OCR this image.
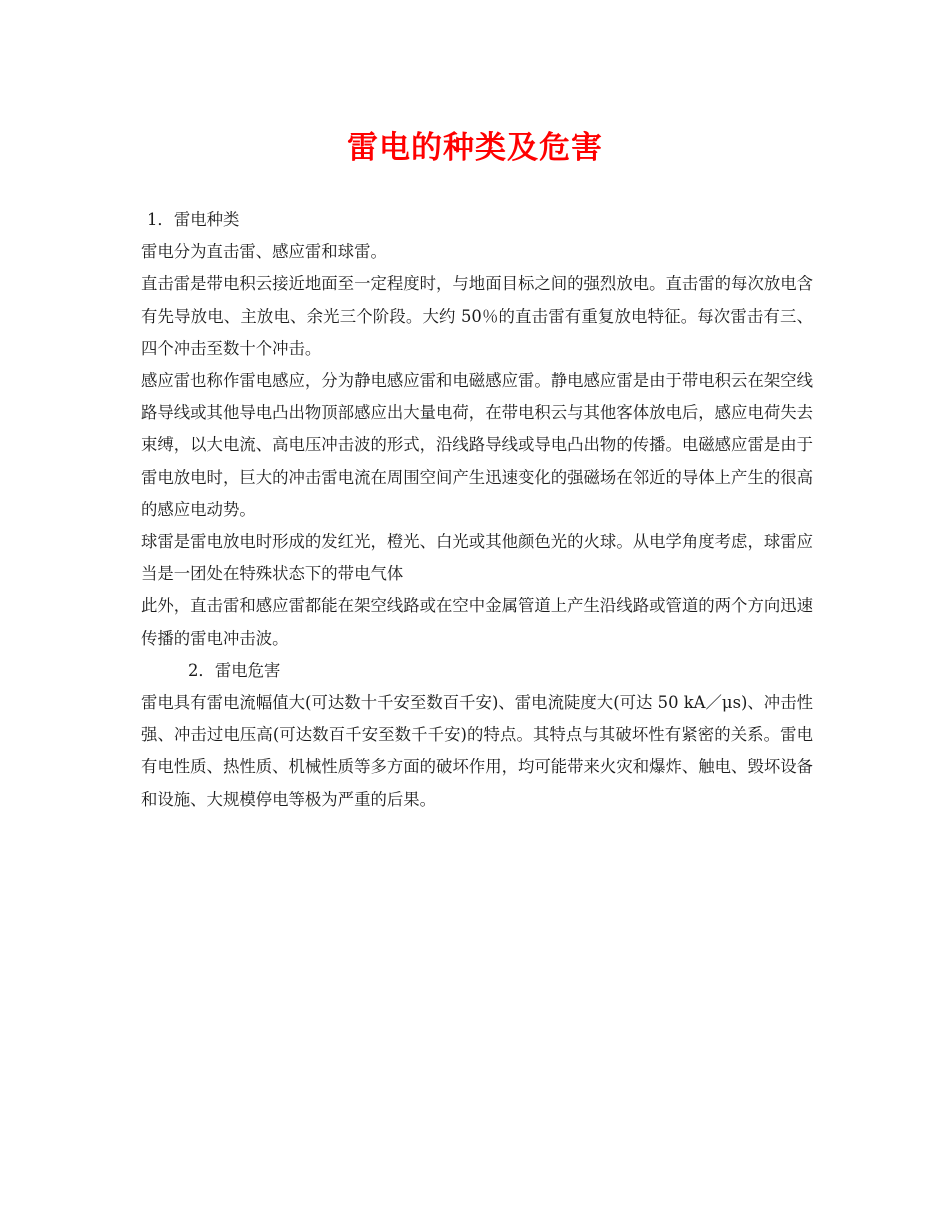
雷电的种类及危害

1．雷电种类

雷电分为直击雷、感应雷和球雷。

直击雷是带电积云接近地面至一定程度时，与地面目标之间的强烈放电。直击雷的每次放电含有先导放电、主放电、余光三个阶段。大约 50％的直击雷有重复放电特征。每次雷击有三、四个冲击至数十个冲击。

感应雷也称作雷电感应，分为静电感应雷和电磁感应雷。静电感应雷是由于带电积云在架空线路导线或其他导电凸出物顶部感应出大量电荷，在带电积云与其他客体放电后，感应电荷失去束缚，以大电流、高电压冲击波的形式，沿线路导线或导电凸出物的传播。电磁感应雷是由于雷电放电时，巨大的冲击雷电流在周围空间产生迅速变化的强磁场在邻近的导体上产生的很高的感应电动势。

球雷是雷电放电时形成的发红光，橙光、白光或其他颜色光的火球。从电学角度考虑，球雷应当是一团处在特殊状态下的带电气体

此外，直击雷和感应雷都能在架空线路或在空中金属管道上产生沿线路或管道的两个方向迅速传播的雷电冲击波。

2．雷电危害

雷电具有雷电流幅值大(可达数十千安至数百千安)、雷电流陡度大(可达 50 kA／μs)、冲击性强、冲击过电压高(可达数百千安至数千千安)的特点。其特点与其破坏性有紧密的关系。雷电有电性质、热性质、机械性质等多方面的破坏作用，均可能带来火灾和爆炸、触电、毁坏设备和设施、大规模停电等极为严重的后果。
